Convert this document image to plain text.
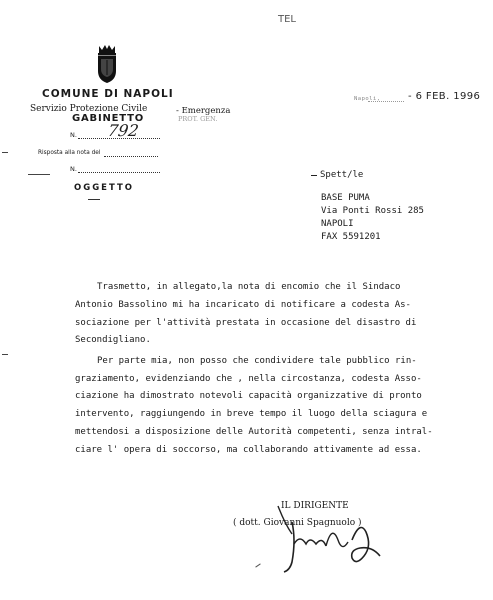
TEL
COMUNE DI NAPOLI
Servizio Protezione Civile	- Emergenza
PROT. GEN.
GABINETTO
N. 792
Risposta alla nota del
N.
OGGETTO
Napoli,	- 6 FEB. 1996
Spett/le
BASE PUMA
Via Ponti Rossi 285
NAPOLI
FAX 5591201
Trasmetto, in allegato,la nota di encomio che il Sindaco
Antonio Bassolino mi ha incaricato di notificare a codesta As-
sociazione per l'attività prestata in occasione del disastro di
Secondigliano.
Per parte mia, non posso che condividere tale pubblico rin-
graziamento, evidenziando che , nella circostanza, codesta Asso-
ciazione ha dimostrato notevoli capacità organizzative di pronto
intervento, raggiungendo in breve tempo il luogo della sciagura e
mettendosi a disposizione delle Autorità competenti, senza intral-
ciare l' opera di soccorso, ma collaborando attivamente ad essa.
IL DIRIGENTE
( dott. Giovanni Spagnuolo )
